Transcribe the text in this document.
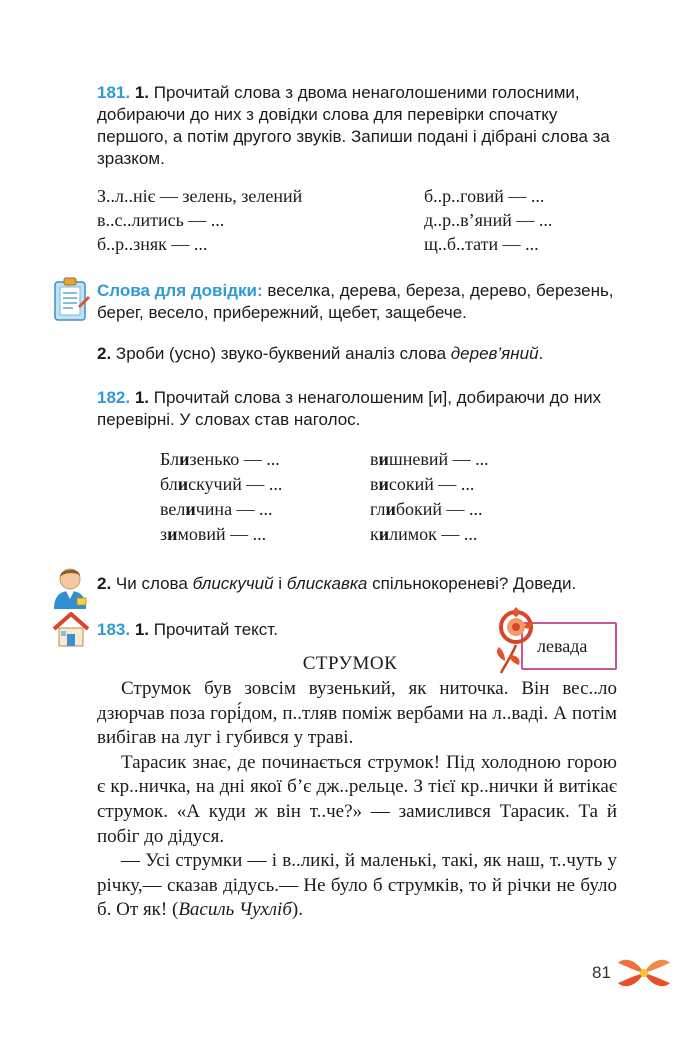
181. 1. Прочитай слова з двома ненаголошеними голосними, добираючи до них з довідки слова для перевірки спочатку першого, а потім другого звуків. Запиши подані і дібрані слова за зразком.
З..л..ніє — зелень, зелений	б..р..говий — ...
в..с..литись — ...	д..р..в’яний — ...
б..р..зняк — ...	щ..б..тати — ...
Слова для довідки: веселка, дерева, береза, дерево, березень, берег, весело, прибережний, щебет, защебече.
2. Зроби (усно) звуко-буквений аналіз слова дерев’яний.
182. 1. Прочитай слова з ненаголошеним [и], добираючи до них перевірні. У словах став наголос.
Близенько — ...	вишневий — ...
блискучий — ...	високий — ...
величина — ...	глибокий — ...
зимовий — ...	килимок — ...
2. Чи слова блискучий і блискавка спільнокореневі? Доведи.
183. 1. Прочитай текст.
левада
СТРУМОК

Струмок був зовсім вузенький, як ниточка. Він вес..ло дзюрчав поза горі́дом, п..тляв поміж вербами на л..ваді. А потім вибігав на луг і губився у траві.

Тарасик знає, де починається струмок! Під холодною горою є кр..ничка, на дні якої б’є дж..рельце. З тієї кр..нички й витікає струмок. «А куди ж він т..че?» — замислився Тарасик. Та й побіг до дідуся.

— Усі струмки — і в..ликі, й маленькі, такі, як наш, т..чуть у річку,— сказав дідусь.— Не було б струмків, то й річки не було б. От як! (Василь Чухліб).

81
